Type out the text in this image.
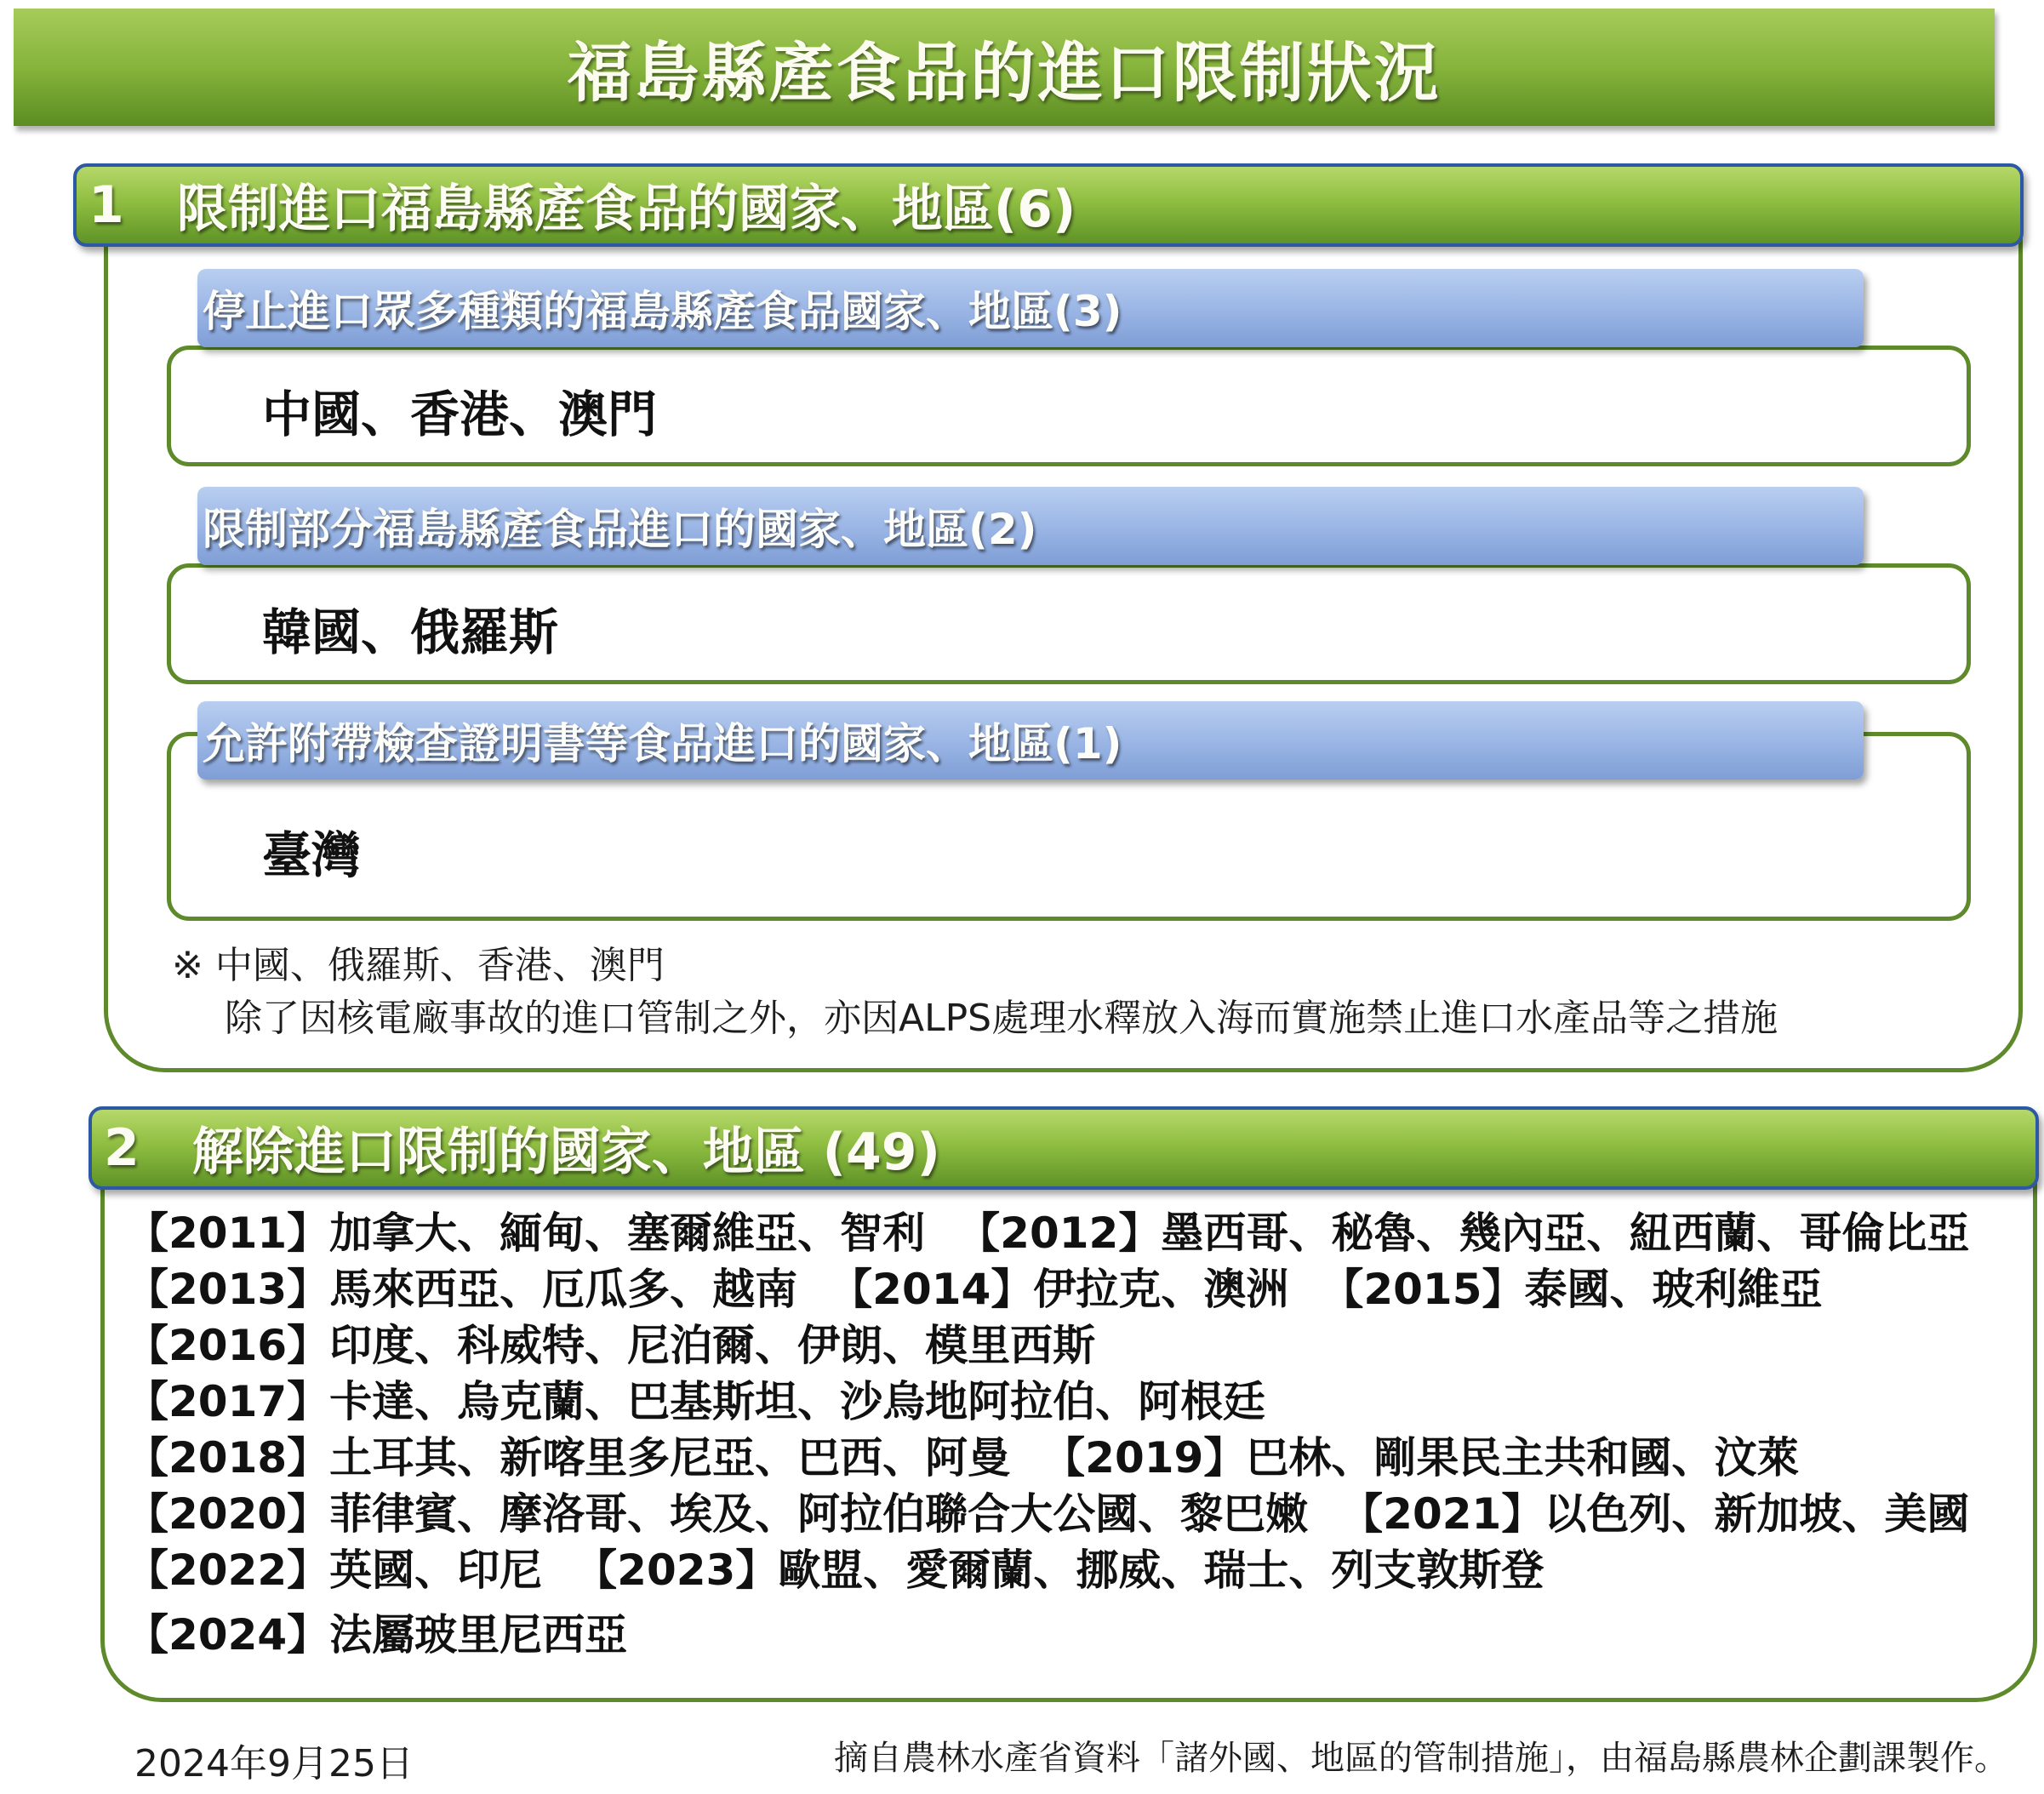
福島縣產食品的進口限制狀況
1 限制進口福島縣產食品的國家、地區(6)
停止進口眾多種類的福島縣產食品國家、地區(3)
中國、香港、澳門
限制部分福島縣產食品進口的國家、地區(2)
韓國、俄羅斯
允許附帶檢查證明書等食品進口的國家、地區(1)
臺灣
※ 中國、俄羅斯、香港、澳門
除了因核電廠事故的進口管制之外，亦因ALPS處理水釋放入海而實施禁止進口水產品等之措施
2 解除進口限制的國家、地區 (49)
【2011】加拿大、緬甸、塞爾維亞、智利 【2012】墨西哥、秘魯、幾內亞、紐西蘭、哥倫比亞
【2013】馬來西亞、厄瓜多、越南 【2014】伊拉克、澳洲 【2015】泰國、玻利維亞
【2016】印度、科威特、尼泊爾、伊朗、模里西斯
【2017】卡達、烏克蘭、巴基斯坦、沙烏地阿拉伯、阿根廷
【2018】土耳其、新喀里多尼亞、巴西、阿曼 【2019】巴林、剛果民主共和國、汶萊
【2020】菲律賓、摩洛哥、埃及、阿拉伯聯合大公國、黎巴嫩 【2021】以色列、新加坡、美國
【2022】英國、印尼 【2023】歐盟、愛爾蘭、挪威、瑞士、列支敦斯登
【2024】法屬玻里尼西亞
2024年9月25日	摘自農林水產省資料「諸外國、地區的管制措施」，由福島縣農林企劃課製作。
